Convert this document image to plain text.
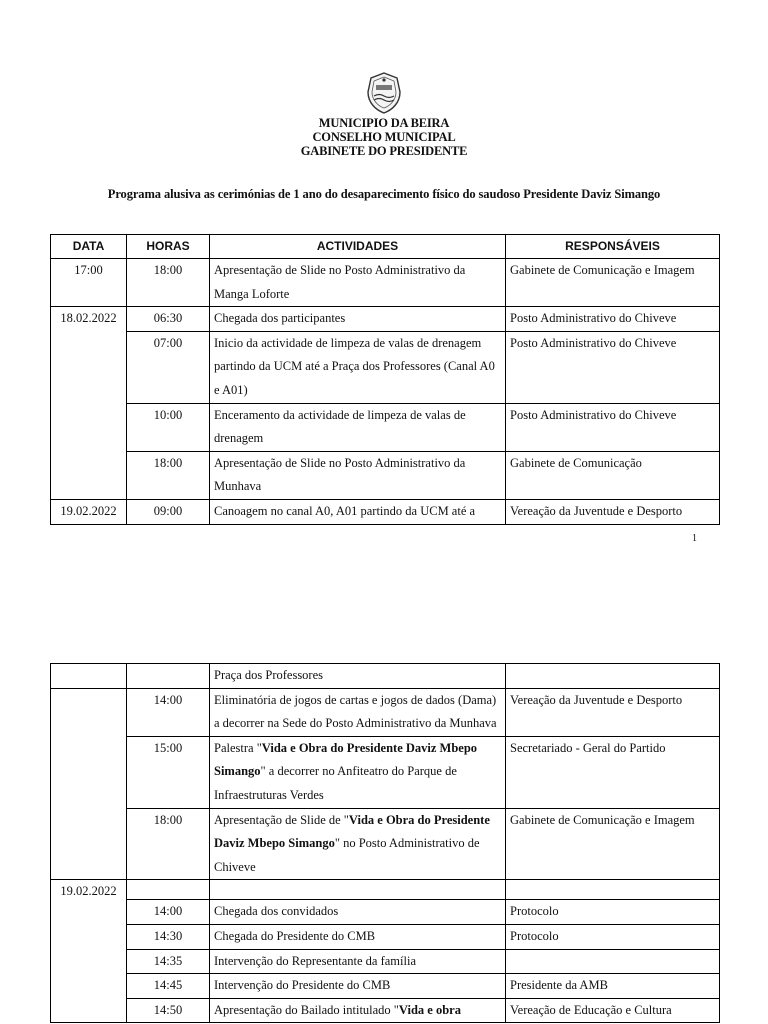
MUNICIPIO DA BEIRA
CONSELHO MUNICIPAL
GABINETE DO PRESIDENTE
Programa alusiva as cerimónias de 1 ano do desaparecimento físico do saudoso Presidente Daviz Simango
DATA	HORAS	ACTIVIDADES	RESPONSÁVEIS
17:00	18:00	Apresentação de Slide no Posto Administrativo da Manga Loforte	Gabinete de Comunicação e Imagem
18.02.2022	06:30	Chegada dos participantes	Posto Administrativo do Chiveve
	07:00	Inicio da actividade de limpeza de valas de drenagem partindo da UCM até a Praça dos Professores (Canal A0 e A01)	Posto Administrativo do Chiveve
	10:00	Enceramento da actividade de limpeza de valas de drenagem	Posto Administrativo do Chiveve
	18:00	Apresentação de Slide no Posto Administrativo da Munhava	Gabinete de Comunicação
19.02.2022	09:00	Canoagem no canal A0, A01 partindo da UCM até a	Vereação da Juventude e Desporto
1
		Praça dos Professores	
	14:00	Eliminatória de jogos de cartas e jogos de dados (Dama) a decorrer na Sede do Posto Administrativo da Munhava	Vereação da Juventude e Desporto
	15:00	Palestra "Vida e Obra do Presidente Daviz Mbepo Simango" a decorrer no Anfiteatro do Parque de Infraestruturas Verdes	Secretariado - Geral do Partido
	18:00	Apresentação de Slide de "Vida e Obra do Presidente Daviz Mbepo Simango" no Posto Administrativo de Chiveve	Gabinete de Comunicação e Imagem
19.02.2022			
	14:00	Chegada dos convidados	Protocolo
	14:30	Chegada do Presidente do CMB	Protocolo
	14:35	Intervenção do Representante da família	
	14:45	Intervenção do Presidente do CMB	Presidente da AMB
	14:50	Apresentação do Bailado intitulado "Vida e obra	Vereação de Educação e Cultura
